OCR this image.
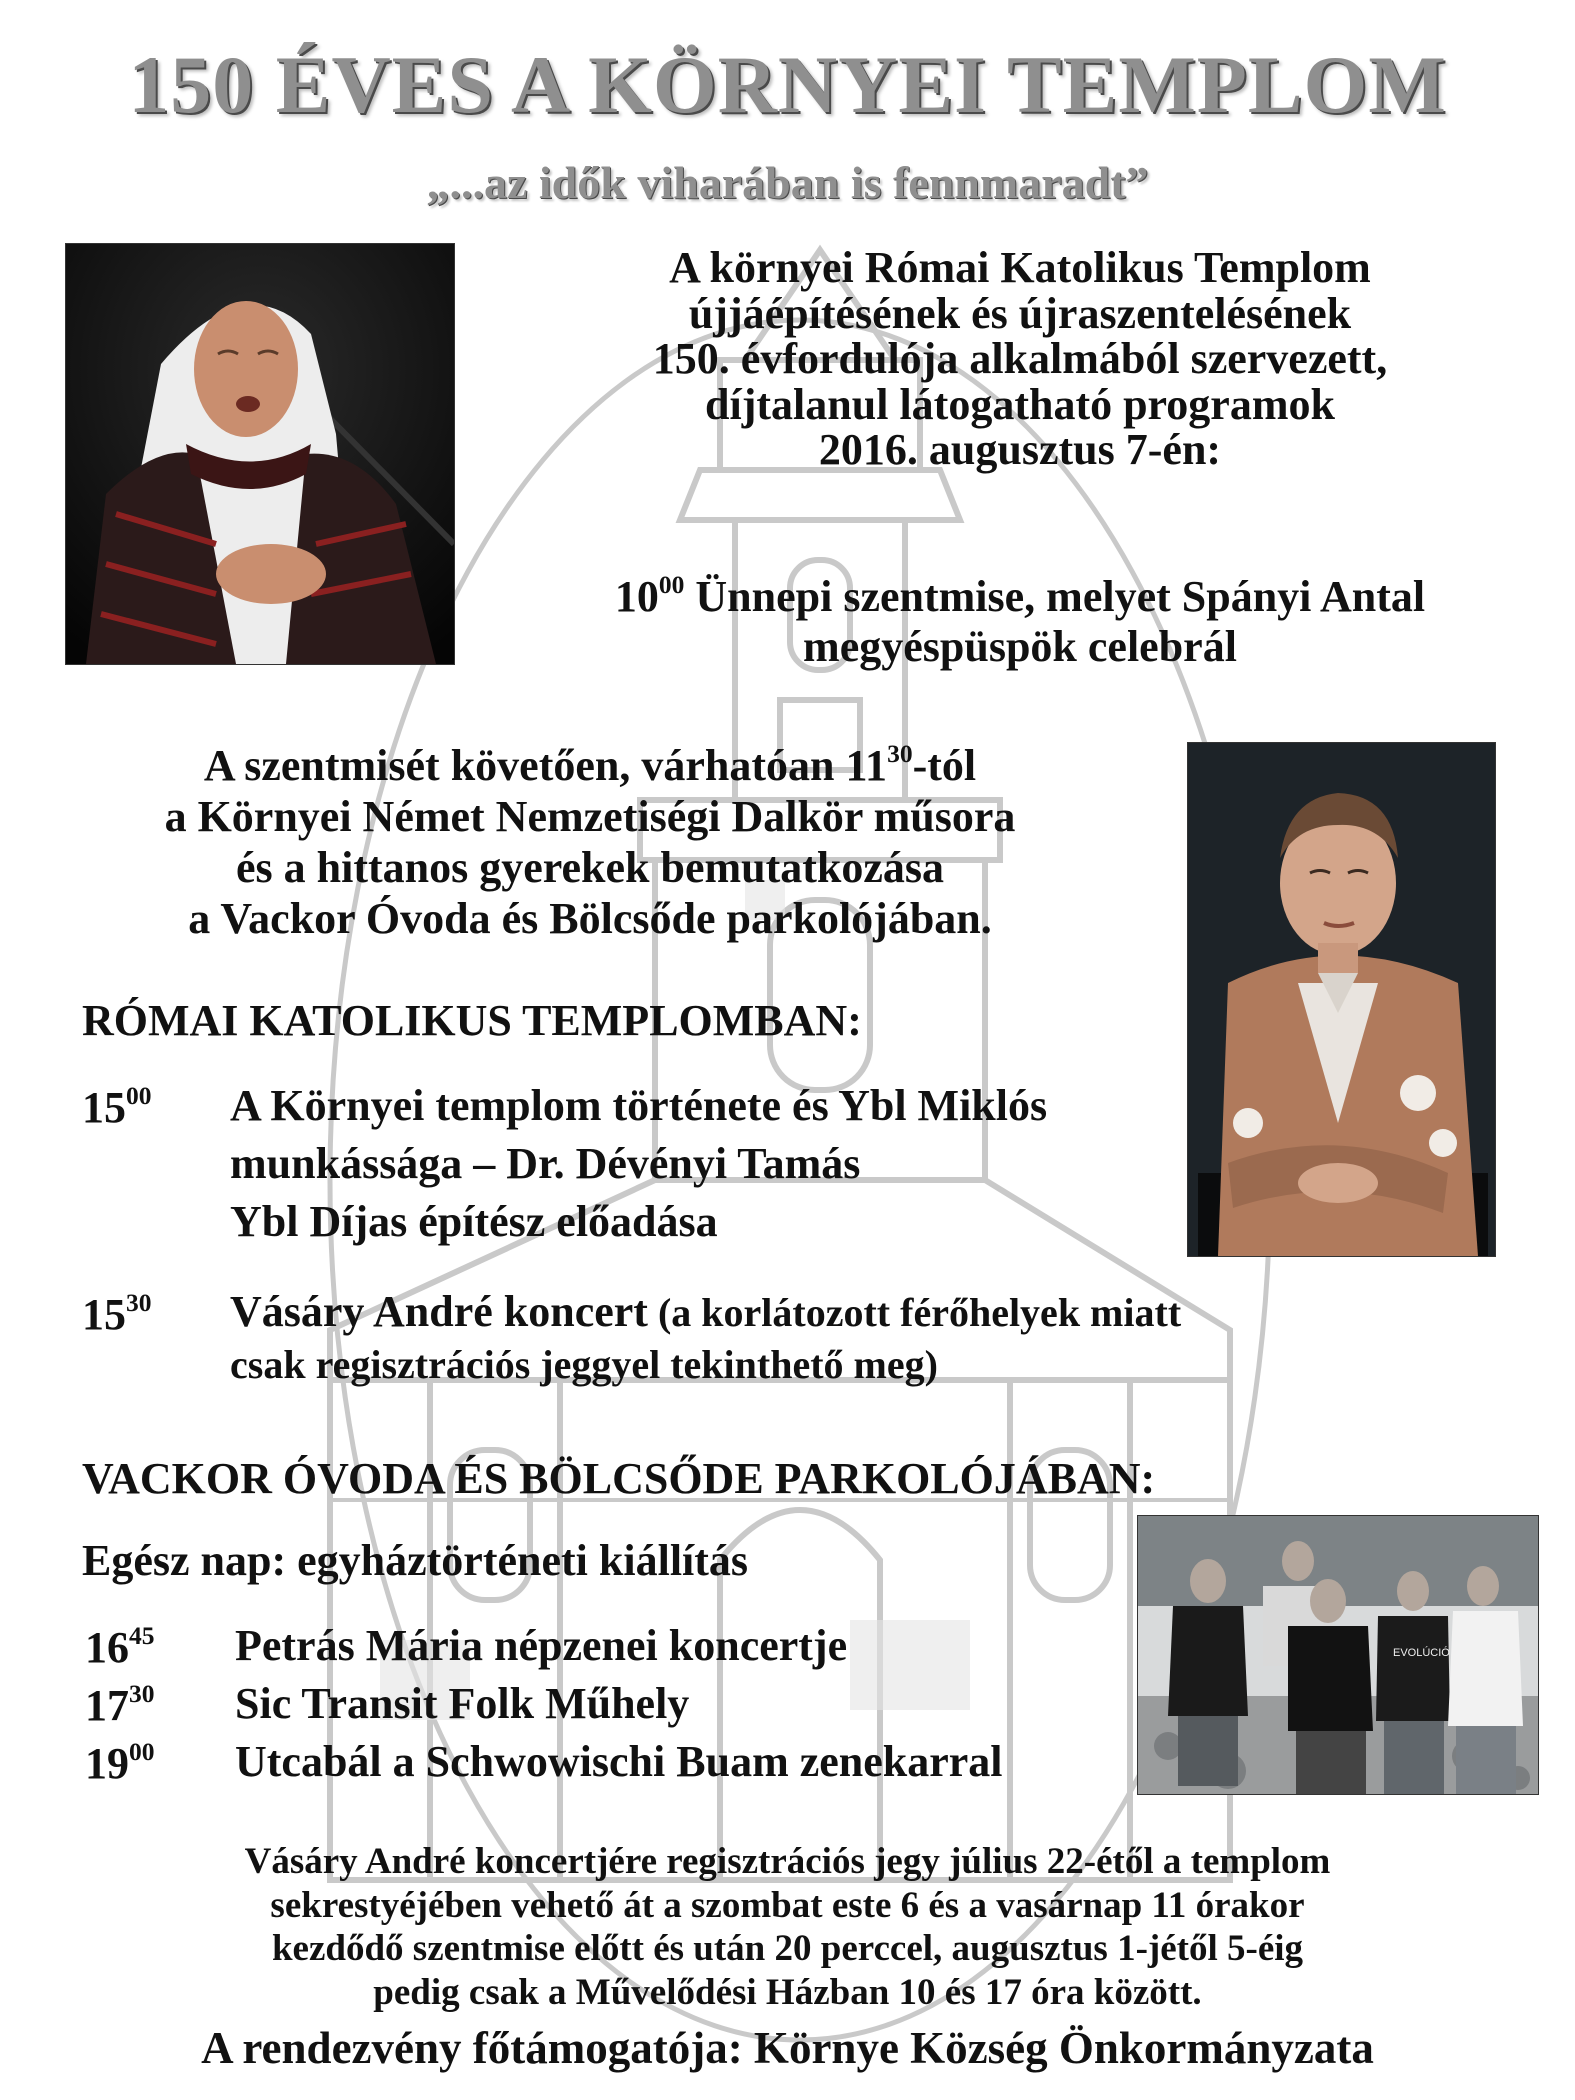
150 ÉVES A KÖRNYEI TEMPLOM
„...az idők viharában is fennmaradt”
A környei Római Katolikus Templom
újjáépítésének és újraszentelésének
150. évfordulója alkalmából szervezett,
díjtalanul látogatható programok
2016. augusztus 7-én:
$10^{00}$ Ünnepi szentmise, melyet Spányi Antal
megyéspüspök celebrál
A szentmisét követően, várhatóan $11^{30}$-tól
a Környei Német Nemzetiségi Dalkör műsora
és a hittanos gyerekek bemutatkozása
a Vackor Óvoda és Bölcsőde parkolójában.
RÓMAI KATOLIKUS TEMPLOMBAN:
$15^{00}$ A Környei templom története és Ybl Miklós
munkássága – Dr. Dévényi Tamás
Ybl Díjas építész előadása
$15^{30}$ Vásáry André koncert (a korlátozott férőhelyek miatt
csak regisztrációs jeggyel tekinthető meg)
VACKOR ÓVODA ÉS BÖLCSŐDE PARKOLÓJÁBAN:
Egész nap: egyháztörténeti kiállítás
$16^{45}$ Petrás Mária népzenei koncertje
$17^{30}$ Sic Transit Folk Műhely
$19^{00}$ Utcabál a Schwowischi Buam zenekarral
EVOLÚCIÓ
Vásáry André koncertjére regisztrációs jegy július 22-étől a templom
sekrestyéjében vehető át a szombat este 6 és a vasárnap 11 órakor
kezdődő szentmise előtt és után 20 perccel, augusztus 1-jétől 5-éig
pedig csak a Művelődési Házban 10 és 17 óra között.
A rendezvény főtámogatója: Környe Község Önkormányzata
